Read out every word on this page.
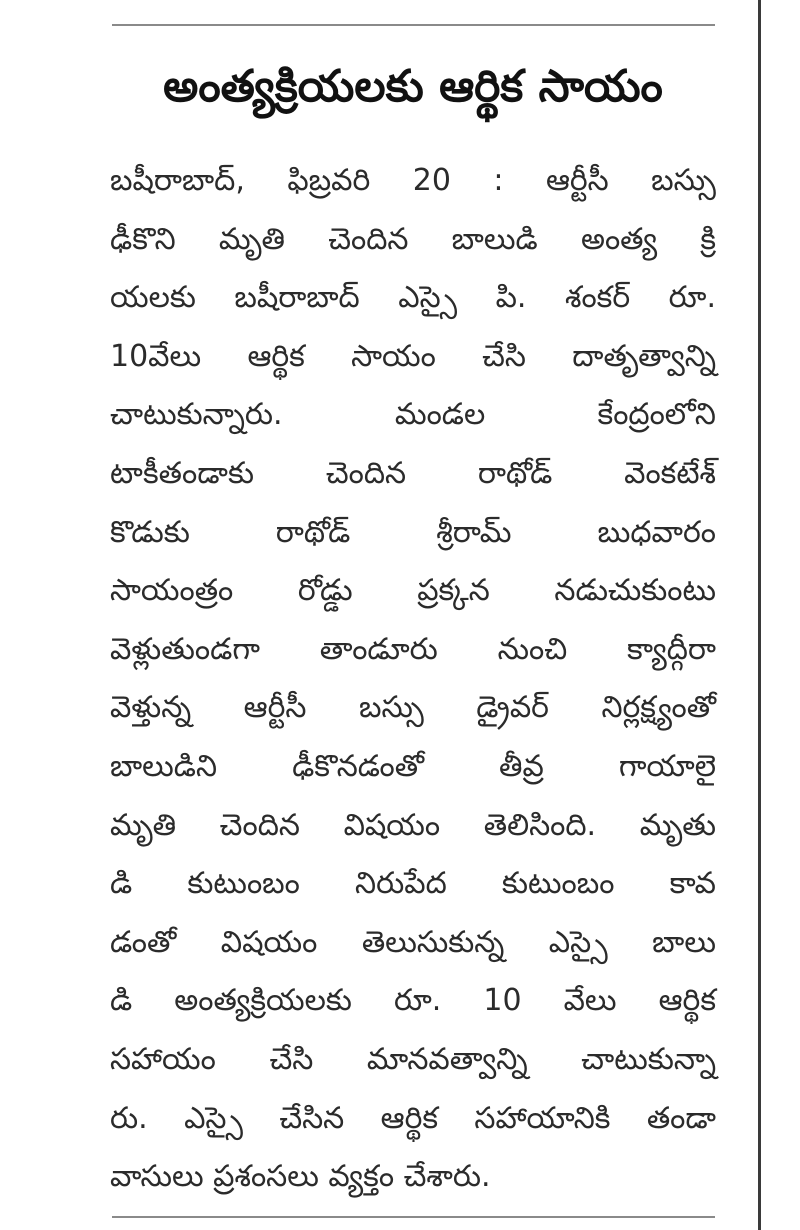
అంత్యక్రియలకు ఆర్థిక సాయం
బషీరాబాద్, ఫిబ్రవరి 20 : ఆర్టీసీ బస్సు
ఢీకొని మృతి చెందిన బాలుడి అంత్య క్రి
యలకు బషీరాబాద్ ఎస్సై పి. శంకర్ రూ.
10వేలు ఆర్థిక సాయం చేసి దాతృత్వాన్ని
చాటుకున్నారు. మండల కేంద్రంలోని
టాకీతండాకు చెందిన రాథోడ్ వెంకటేశ్
కొడుకు రాథోడ్ శ్రీరామ్ బుధవారం
సాయంత్రం రోడ్డు ప్రక్కన నడుచుకుంటు
వెళ్లుతుండగా తాండూరు నుంచి క్యాద్గీరా
వెళ్తున్న ఆర్టీసీ బస్సు డ్రైవర్ నిర్లక్ష్యంతో
బాలుడిని ఢీకొనడంతో తీవ్ర గాయాలై
మృతి చెందిన విషయం తెలిసింది. మృతు
డి కుటుంబం నిరుపేద కుటుంబం కావ
డంతో విషయం తెలుసుకున్న ఎస్సై బాలు
డి అంత్యక్రియలకు రూ. 10 వేలు ఆర్థిక
సహాయం చేసి మానవత్వాన్ని చాటుకున్నా
రు. ఎస్సై చేసిన ఆర్థిక సహాయానికి తండా
వాసులు ప్రశంసలు వ్యక్తం చేశారు.
